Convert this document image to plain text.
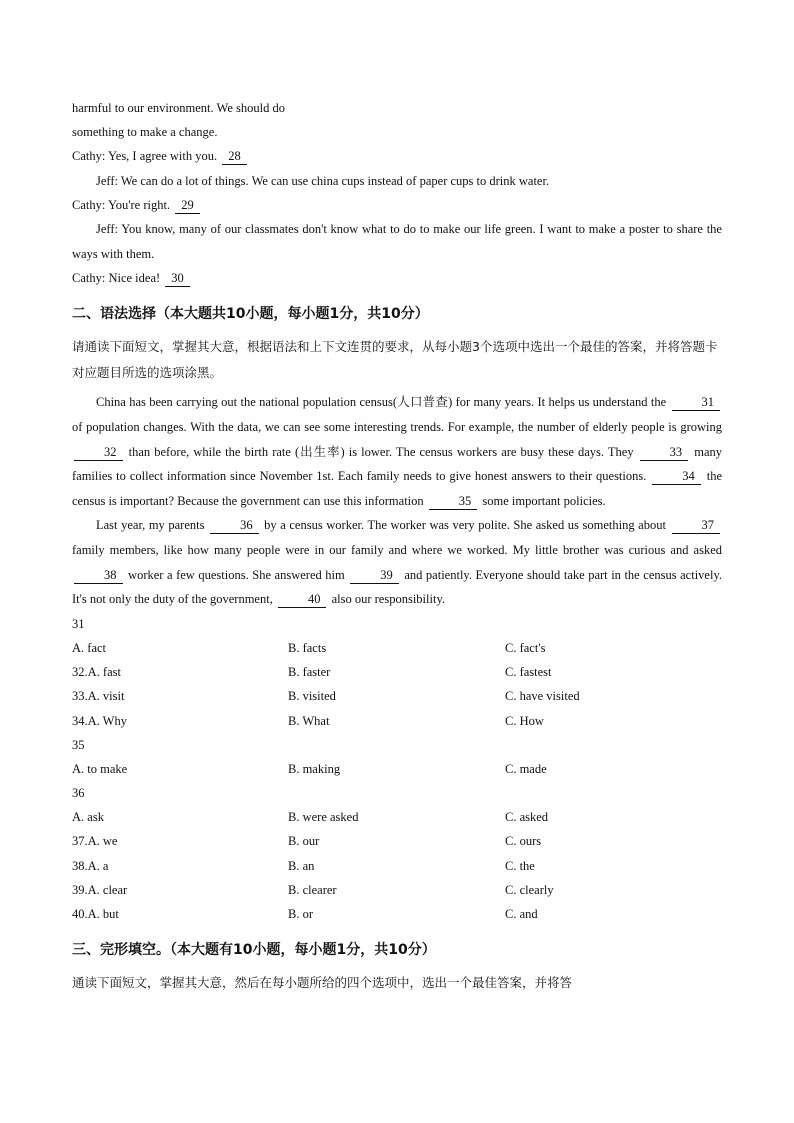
harmful to our environment. We should do
something to make a change.
Cathy: Yes, I agree with you. 28
Jeff: We can do a lot of things. We can use china cups instead of paper cups to drink water.
Cathy: You're right. 29
Jeff: You know, many of our classmates don't know what to do to make our life green. I want to make a poster to share the ways with them.
Cathy: Nice idea! 30
二、语法选择（本大题共10小题，每小题1分，共10分）
请通读下面短文，掌握其大意，根据语法和上下文连贯的要求，从每小题3个选项中选出一个最佳的答案，并将答题卡对应题目所选的选项涂黑。
China has been carrying out the national population census(人口普查) for many years. It helps us understand the	31 of population changes. With the data, we can see some interesting trends. For example, the number of elderly people is growing 32 than before, while the birth rate (出生率) is lower. The census workers are busy these days. They	33 many families to collect information since November 1st. Each family needs to give honest answers to their questions.	34 the census is important? Because the government can use this information	35 some important policies.
Last year, my parents	36 by a census worker. The worker was very polite. She asked us something about	37 family members, like how many people were in our family and where we worked. My little brother was curious and asked 38 worker a few questions. She answered him	39 and patiently. Everyone should take part in the census actively. It's not only the duty of the government,	40 also our responsibility.
31
A. fact	B. facts	C. fact's
32.A. fast	B. faster	C. fastest
33.A. visit	B. visited	C. have visited
34.A. Why	B. What	C. How
35
A. to make	B. making	C. made
36
A. ask	B. were asked	C. asked
37.A. we	B. our	C. ours
38.A. a	B. an	C. the
39.A. clear	B. clearer	C. clearly
40.A. but	B. or	C. and
三、完形填空。（本大题有10小题，每小题1分，共10分）
通读下面短文，掌握其大意，然后在每小题所给的四个选项中，选出一个最佳答案，并将答
